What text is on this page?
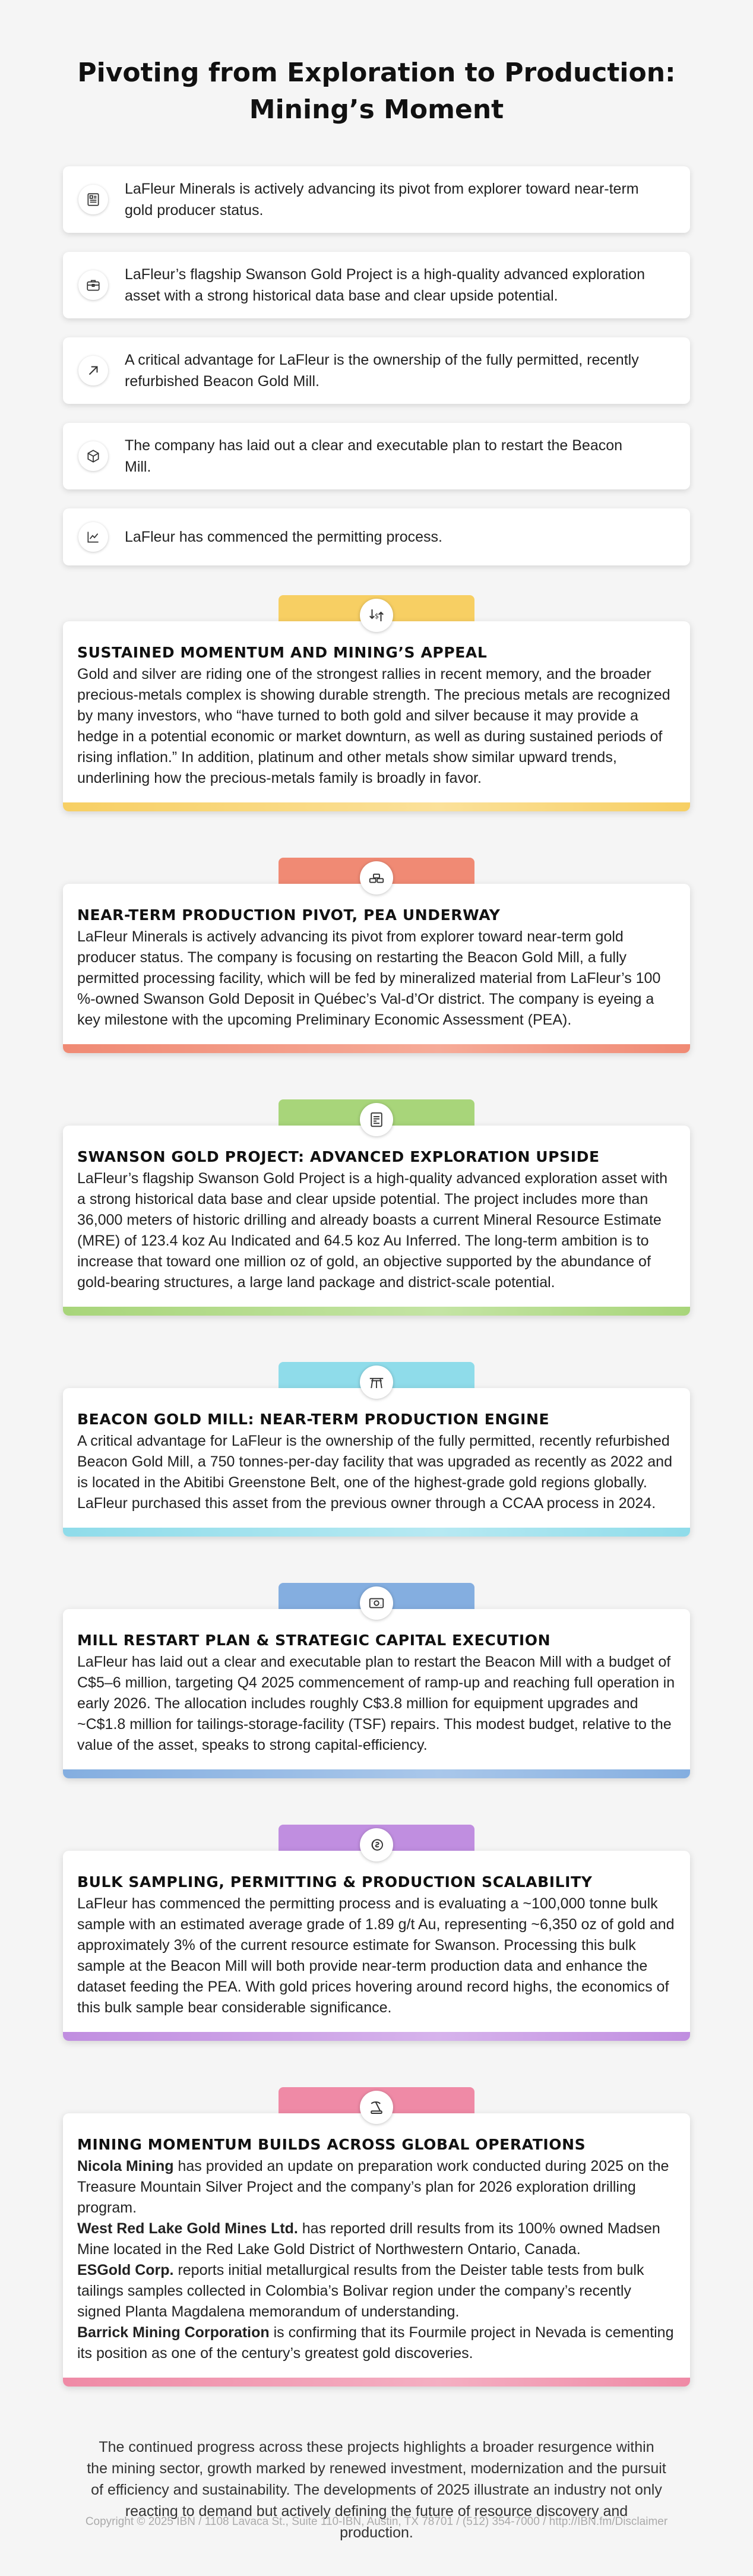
Pivoting from Exploration to Production: Mining’s Moment
LaFleur Minerals is actively advancing its pivot from explorer toward near-term gold producer status.
LaFleur’s flagship Swanson Gold Project is a high-quality advanced exploration asset with a strong historical data base and clear upside potential.
A critical advantage for LaFleur is the ownership of the fully permitted, recently refurbished Beacon Gold Mill.
The company has laid out a clear and executable plan to restart the Beacon Mill.
LaFleur has commenced the permitting process.
$
SUSTAINED MOMENTUM AND MINING’S APPEAL
Gold and silver are riding one of the strongest rallies in recent memory, and the broader precious-metals complex is showing durable strength. The precious metals are recognized by many investors, who “have turned to both gold and silver because it may provide a hedge in a potential economic or market downturn, as well as during sustained periods of rising inflation.” In addition, platinum and other metals show similar upward trends, underlining how the precious-metals family is broadly in favor.
NEAR-TERM PRODUCTION PIVOT, PEA UNDERWAY
LaFleur Minerals is actively advancing its pivot from explorer toward near-term gold producer status. The company is focusing on restarting the Beacon Gold Mill, a fully permitted processing facility, which will be fed by mineralized material from LaFleur’s 100 %-owned Swanson Gold Deposit in Québec’s Val-d’Or district. The company is eyeing a key milestone with the upcoming Preliminary Economic Assessment (PEA).
SWANSON GOLD PROJECT: ADVANCED EXPLORATION UPSIDE
LaFleur’s flagship Swanson Gold Project is a high-quality advanced exploration asset with a strong historical data base and clear upside potential. The project includes more than 36,000 meters of historic drilling and already boasts a current Mineral Resource Estimate (MRE) of 123.4 koz Au Indicated and 64.5 koz Au Inferred. The long-term ambition is to increase that toward one million oz of gold, an objective supported by the abundance of gold-bearing structures, a large land package and district-scale potential.
BEACON GOLD MILL: NEAR-TERM PRODUCTION ENGINE
A critical advantage for LaFleur is the ownership of the fully permitted, recently refurbished Beacon Gold Mill, a 750 tonnes-per-day facility that was upgraded as recently as 2022 and is located in the Abitibi Greenstone Belt, one of the highest-grade gold regions globally. LaFleur purchased this asset from the previous owner through a CCAA process in 2024.
MILL RESTART PLAN & STRATEGIC CAPITAL EXECUTION
LaFleur has laid out a clear and executable plan to restart the Beacon Mill with a budget of C$5–6 million, targeting Q4 2025 commencement of ramp-up and reaching full operation in early 2026. The allocation includes roughly C$3.8 million for equipment upgrades and ~C$1.8 million for tailings-storage-facility (TSF) repairs. This modest budget, relative to the value of the asset, speaks to strong capital-efficiency.
BULK SAMPLING, PERMITTING & PRODUCTION SCALABILITY
LaFleur has commenced the permitting process and is evaluating a ~100,000 tonne bulk sample with an estimated average grade of 1.89 g/t Au, representing ~6,350 oz of gold and approximately 3% of the current resource estimate for Swanson. Processing this bulk sample at the Beacon Mill will both provide near-term production data and enhance the dataset feeding the PEA. With gold prices hovering around record highs, the economics of this bulk sample bear considerable significance.
MINING MOMENTUM BUILDS ACROSS GLOBAL OPERATIONS
Nicola Mining has provided an update on preparation work conducted during 2025 on the Treasure Mountain Silver Project and the company’s plan for 2026 exploration drilling program.
West Red Lake Gold Mines Ltd. has reported drill results from its 100% owned Madsen Mine located in the Red Lake Gold District of Northwestern Ontario, Canada.
ESGold Corp. reports initial metallurgical results from the Deister table tests from bulk tailings samples collected in Colombia’s Bolivar region under the company’s recently signed Planta Magdalena memorandum of understanding.
Barrick Mining Corporation is confirming that its Fourmile project in Nevada is cementing its position as one of the century’s greatest gold discoveries.

The continued progress across these projects highlights a broader resurgence within the mining sector, growth marked by renewed investment, modernization and the pursuit of efficiency and sustainability. The developments of 2025 illustrate an industry not only reacting to demand but actively defining the future of resource discovery and production.

Copyright © 2025 IBN / 1108 Lavaca St., Suite 110-IBN, Austin, TX 78701 / (512) 354-7000 / http://IBN.fm/Disclaimer
